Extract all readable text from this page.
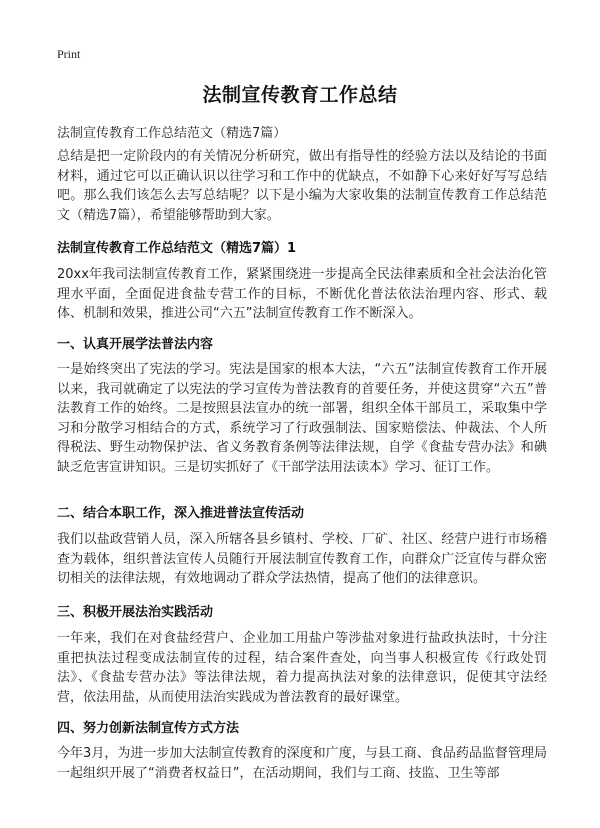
Print
法制宣传教育工作总结
法制宣传教育工作总结范文（精选7篇）

总结是把一定阶段内的有关情况分析研究，做出有指导性的经验方法以及结论的书面材料，通过它可以正确认识以往学习和工作中的优缺点，不如静下心来好好写写总结吧。那么我们该怎么去写总结呢？以下是小编为大家收集的法制宣传教育工作总结范文（精选7篇），希望能够帮助到大家。

法制宣传教育工作总结范文（精选7篇）1

20xx年我司法制宣传教育工作，紧紧围绕进一步提高全民法律素质和全社会法治化管理水平面，全面促进食盐专营工作的目标，不断优化普法依法治理内容、形式、载体、机制和效果，推进公司“六五”法制宣传教育工作不断深入。

一、认真开展学法普法内容

一是始终突出了宪法的学习。宪法是国家的根本大法，“六五”法制宣传教育工作开展以来，我司就确定了以宪法的学习宣传为普法教育的首要任务，并使这贯穿“六五”普法教育工作的始终。二是按照县法宣办的统一部署，组织全体干部员工，采取集中学习和分散学习相结合的方式，系统学习了行政强制法、国家赔偿法、仲裁法、个人所得税法、野生动物保护法、省义务教育条例等法律法规，自学《食盐专营办法》和碘缺乏危害宣讲知识。三是切实抓好了《干部学法用法读本》学习、征订工作。

二、结合本职工作，深入推进普法宣传活动

我们以盐政营销人员，深入所辖各县乡镇村、学校、厂矿、社区、经营户进行市场稽查为载体，组织普法宣传人员随行开展法制宣传教育工作，向群众广泛宣传与群众密切相关的法律法规，有效地调动了群众学法热情，提高了他们的法律意识。

三、积极开展法治实践活动

一年来，我们在对食盐经营户、企业加工用盐户等涉盐对象进行盐政执法时，十分注重把执法过程变成法制宣传的过程，结合案件查处，向当事人积极宣传《行政处罚法》、《食盐专营办法》等法律法规，着力提高执法对象的法律意识，促使其守法经营，依法用盐，从而使用法治实践成为普法教育的最好课堂。

四、努力创新法制宣传方式方法

今年3月，为进一步加大法制宣传教育的深度和广度，与县工商、食品药品监督管理局一起组织开展了“消费者权益日”，在活动期间，我们与工商、技监、卫生等部
